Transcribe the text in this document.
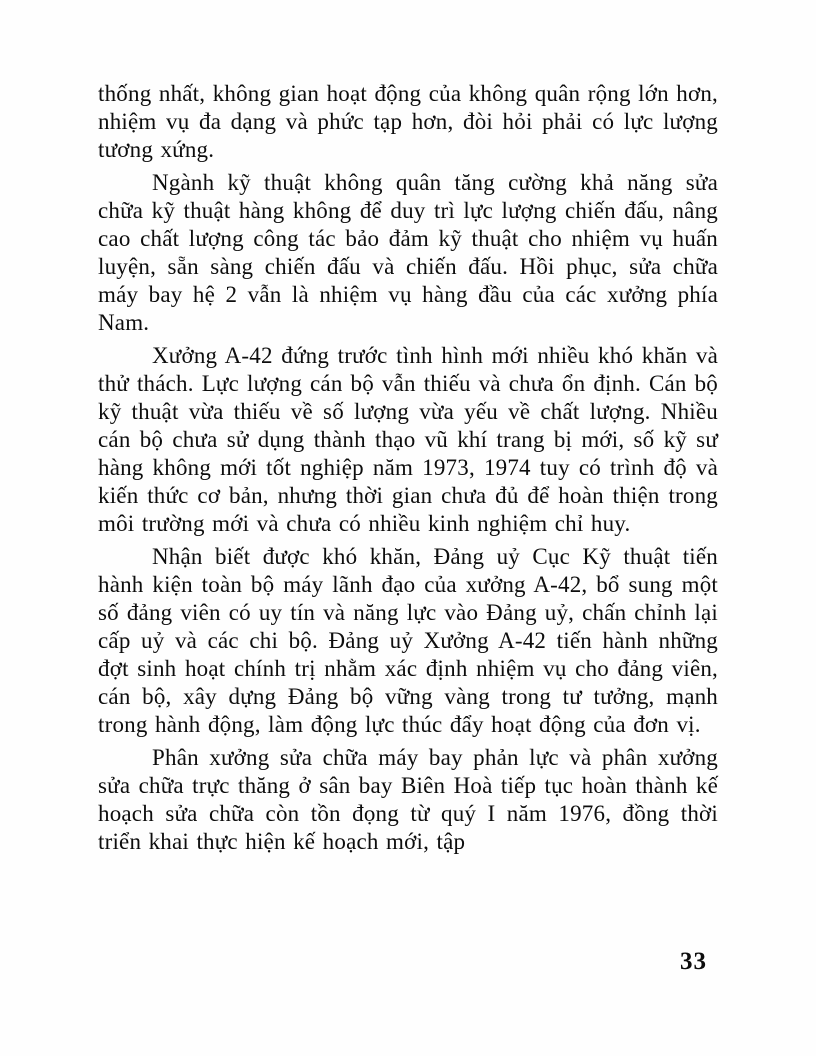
thống nhất, không gian hoạt động của không quân rộng lớn hơn, nhiệm vụ đa dạng và phức tạp hơn, đòi hỏi phải có lực lượng tương xứng.

Ngành kỹ thuật không quân tăng cường khả năng sửa chữa kỹ thuật hàng không để duy trì lực lượng chiến đấu, nâng cao chất lượng công tác bảo đảm kỹ thuật cho nhiệm vụ huấn luyện, sẵn sàng chiến đấu và chiến đấu. Hồi phục, sửa chữa máy bay hệ 2 vẫn là nhiệm vụ hàng đầu của các xưởng phía Nam.

Xưởng A-42 đứng trước tình hình mới nhiều khó khăn và thử thách. Lực lượng cán bộ vẫn thiếu và chưa ổn định. Cán bộ kỹ thuật vừa thiếu về số lượng vừa yếu về chất lượng. Nhiều cán bộ chưa sử dụng thành thạo vũ khí trang bị mới, số kỹ sư hàng không mới tốt nghiệp năm 1973, 1974 tuy có trình độ và kiến thức cơ bản, nhưng thời gian chưa đủ để hoàn thiện trong môi trường mới và chưa có nhiều kinh nghiệm chỉ huy.

Nhận biết được khó khăn, Đảng uỷ Cục Kỹ thuật tiến hành kiện toàn bộ máy lãnh đạo của xưởng A-42, bổ sung một số đảng viên có uy tín và năng lực vào Đảng uỷ, chấn chỉnh lại cấp uỷ và các chi bộ. Đảng uỷ Xưởng A-42 tiến hành những đợt sinh hoạt chính trị nhằm xác định nhiệm vụ cho đảng viên, cán bộ, xây dựng Đảng bộ vững vàng trong tư tưởng, mạnh trong hành động, làm động lực thúc đẩy hoạt động của đơn vị.

Phân xưởng sửa chữa máy bay phản lực và phân xưởng sửa chữa trực thăng ở sân bay Biên Hoà tiếp tục hoàn thành kế hoạch sửa chữa còn tồn đọng từ quý I năm 1976, đồng thời triển khai thực hiện kế hoạch mới, tập

33
